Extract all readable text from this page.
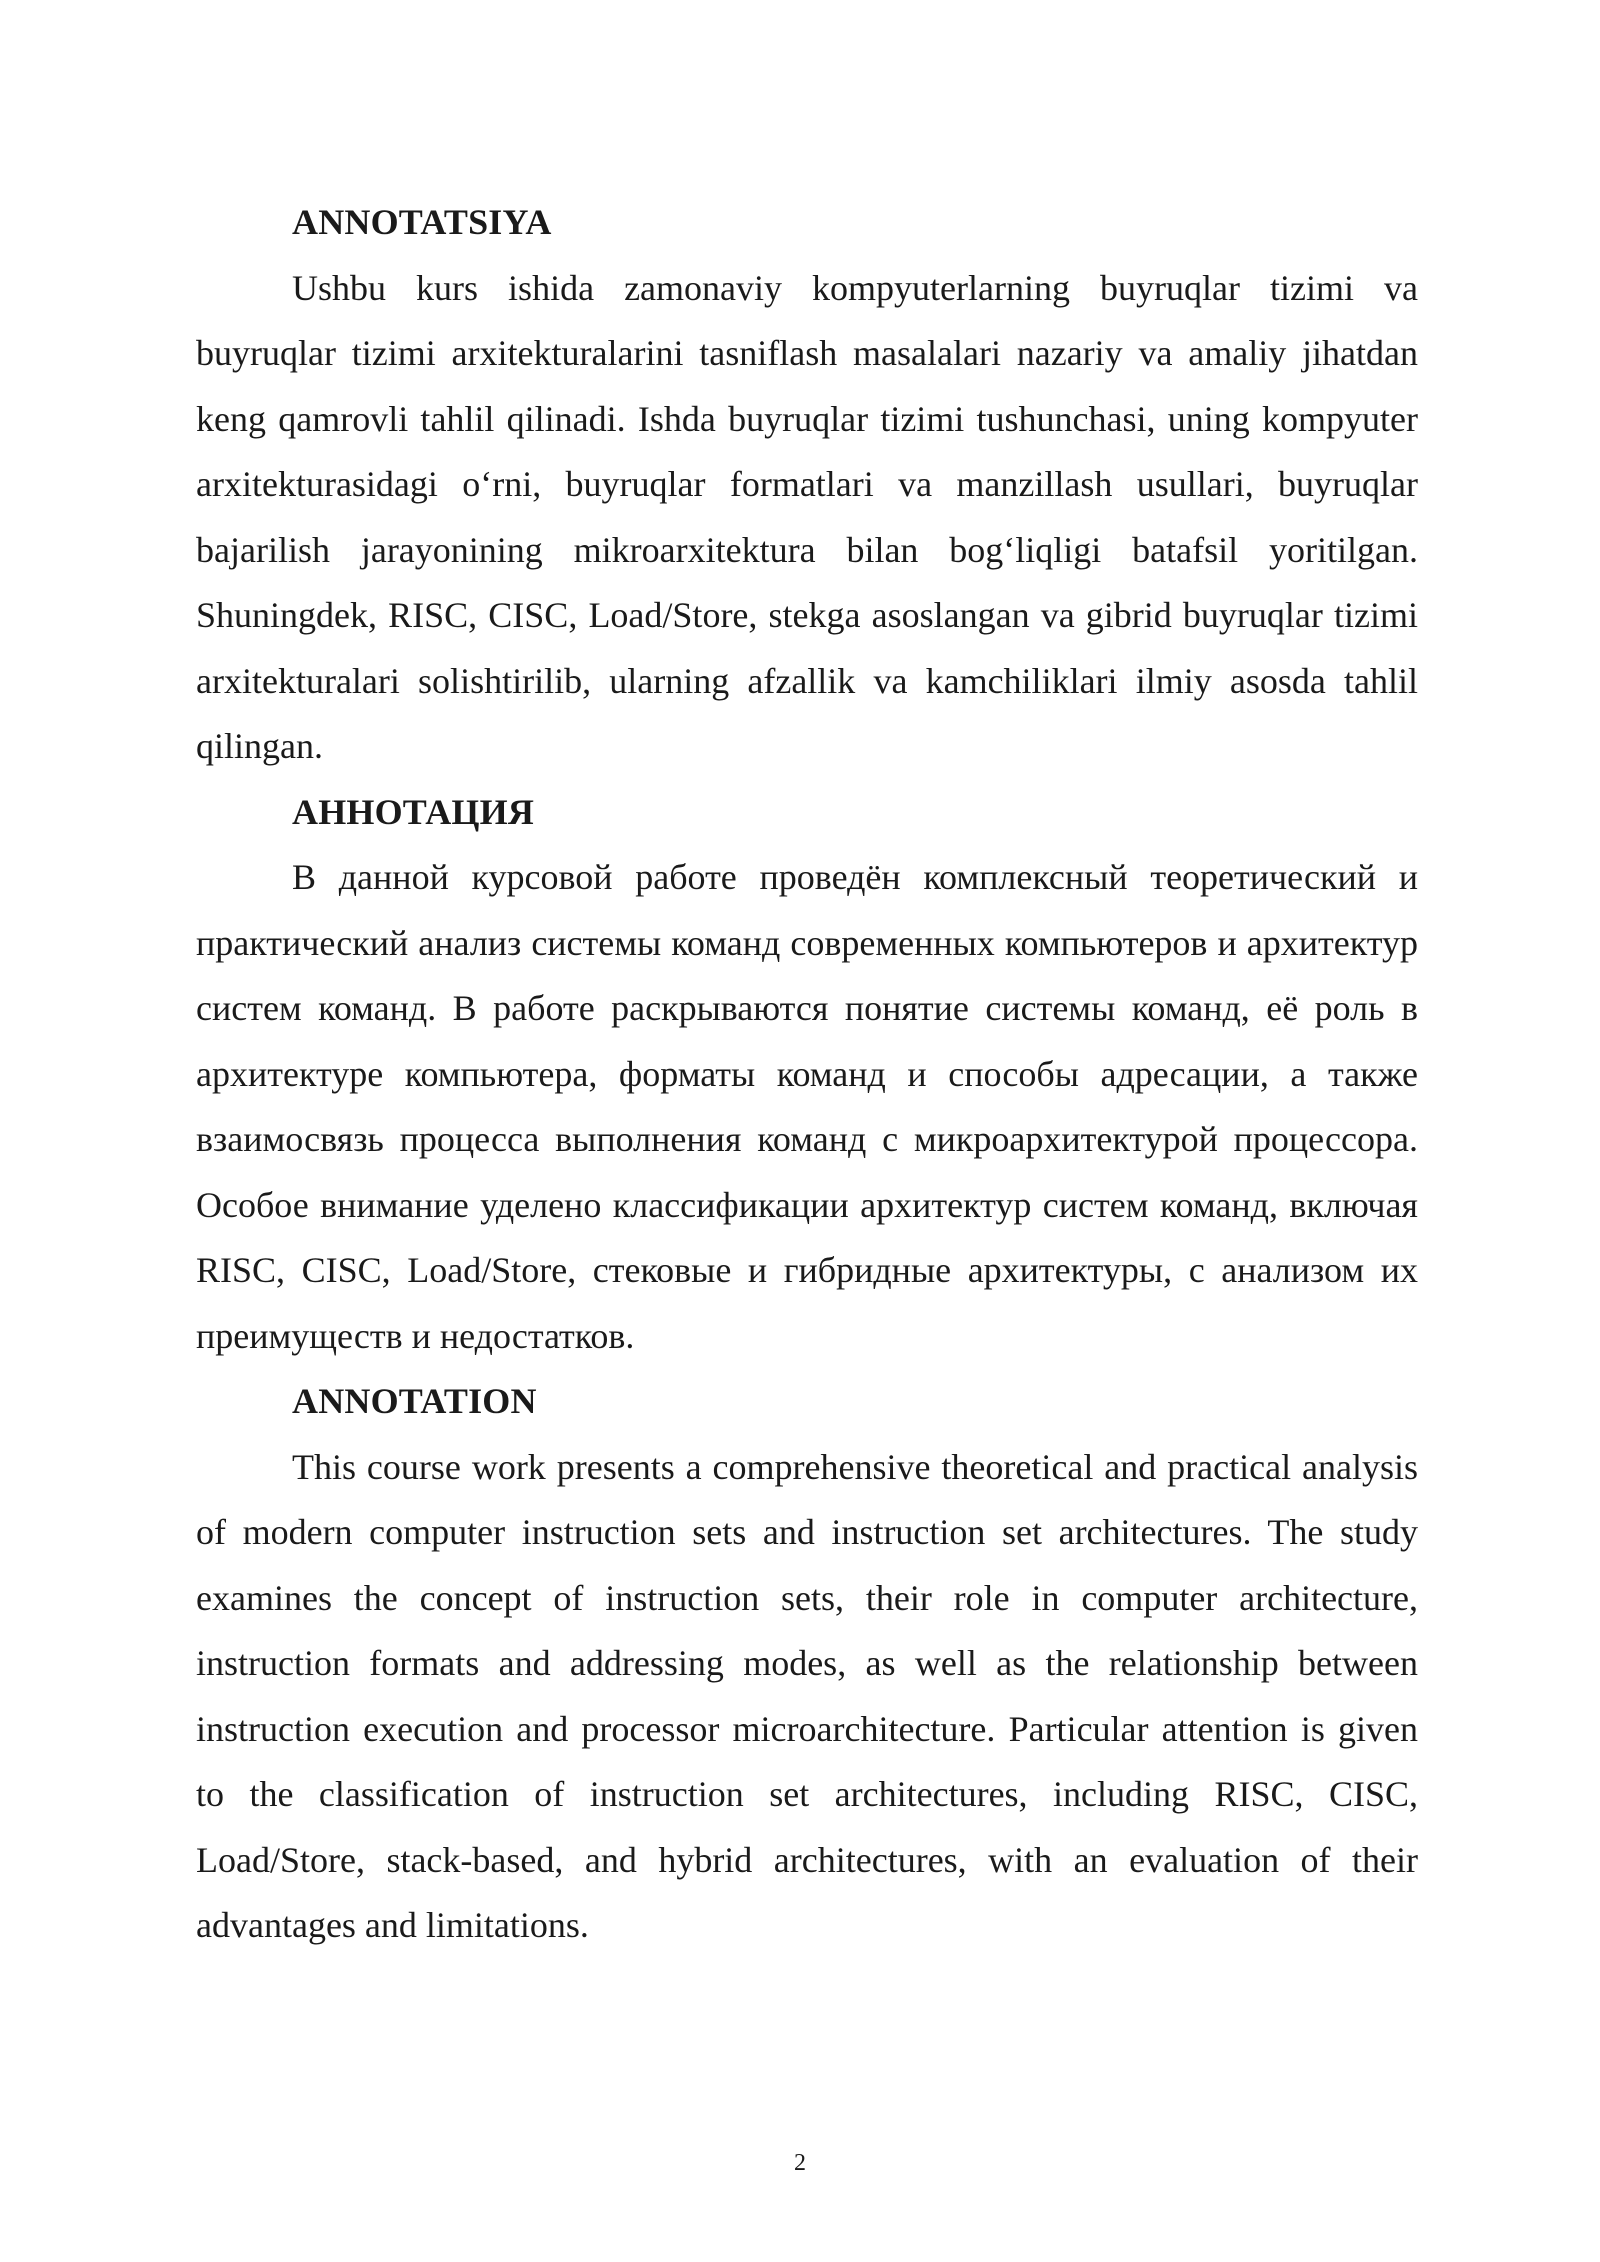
ANNOTATSIYA

Ushbu kurs ishida zamonaviy kompyuterlarning buyruqlar tizimi va buyruqlar tizimi arxitekturalarini tasniflash masalalari nazariy va amaliy jihatdan keng qamrovli tahlil qilinadi. Ishda buyruqlar tizimi tushunchasi, uning kompyuter arxitekturasidagi o‘rni, buyruqlar formatlari va manzillash usullari, buyruqlar bajarilish jarayonining mikroarxitektura bilan bog‘liqligi batafsil yoritilgan. Shuningdek, RISC, CISC, Load/Store, stekga asoslangan va gibrid buyruqlar tizimi arxitekturalari solishtirilib, ularning afzallik va kamchiliklari ilmiy asosda tahlil qilingan.

АННОТАЦИЯ

В данной курсовой работе проведён комплексный теоретический и практический анализ системы команд современных компьютеров и архитектур систем команд. В работе раскрываются понятие системы команд, её роль в архитектуре компьютера, форматы команд и способы адресации, а также взаимосвязь процесса выполнения команд с микроархитектурой процессора. Особое внимание уделено классификации архитектур систем команд, включая RISC, CISC, Load/Store, стековые и гибридные архитектуры, с анализом их преимуществ и недостатков.

ANNOTATION

This course work presents a comprehensive theoretical and practical analysis of modern computer instruction sets and instruction set architectures. The study examines the concept of instruction sets, their role in computer architecture, instruction formats and addressing modes, as well as the relationship between instruction execution and processor microarchitecture. Particular attention is given to the classification of instruction set architectures, including RISC, CISC, Load/Store, stack-based, and hybrid architectures, with an evaluation of their advantages and limitations.

2
